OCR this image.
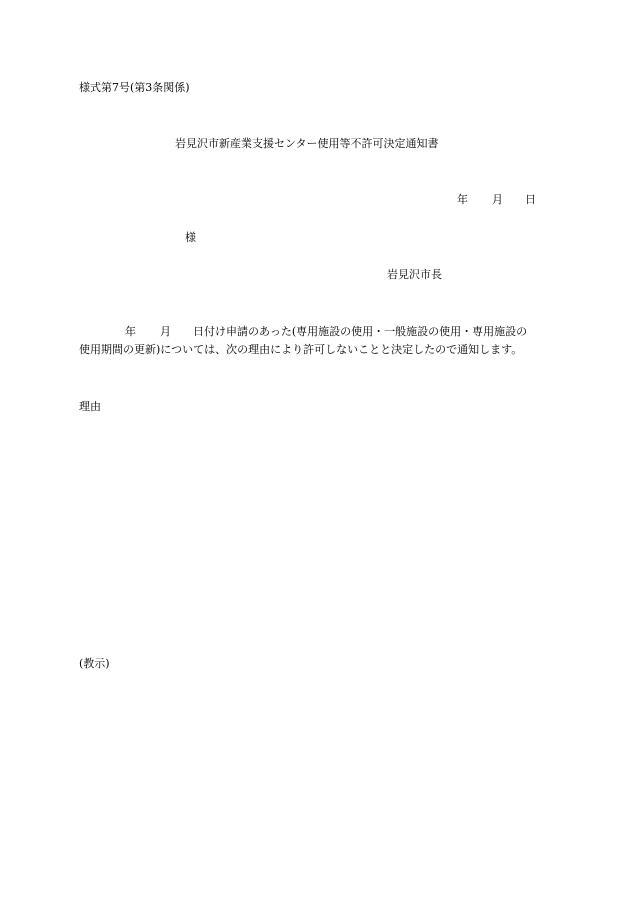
様式第7号(第3条関係)
岩見沢市新産業支援センター使用等不許可決定通知書
年 月 日
様
岩見沢市長
年 月 日付け申請のあった(専用施設の使用・一般施設の使用・専用施設の
使用期間の更新)については、次の理由により許可しないことと決定したので通知します。
理由
(教示)
